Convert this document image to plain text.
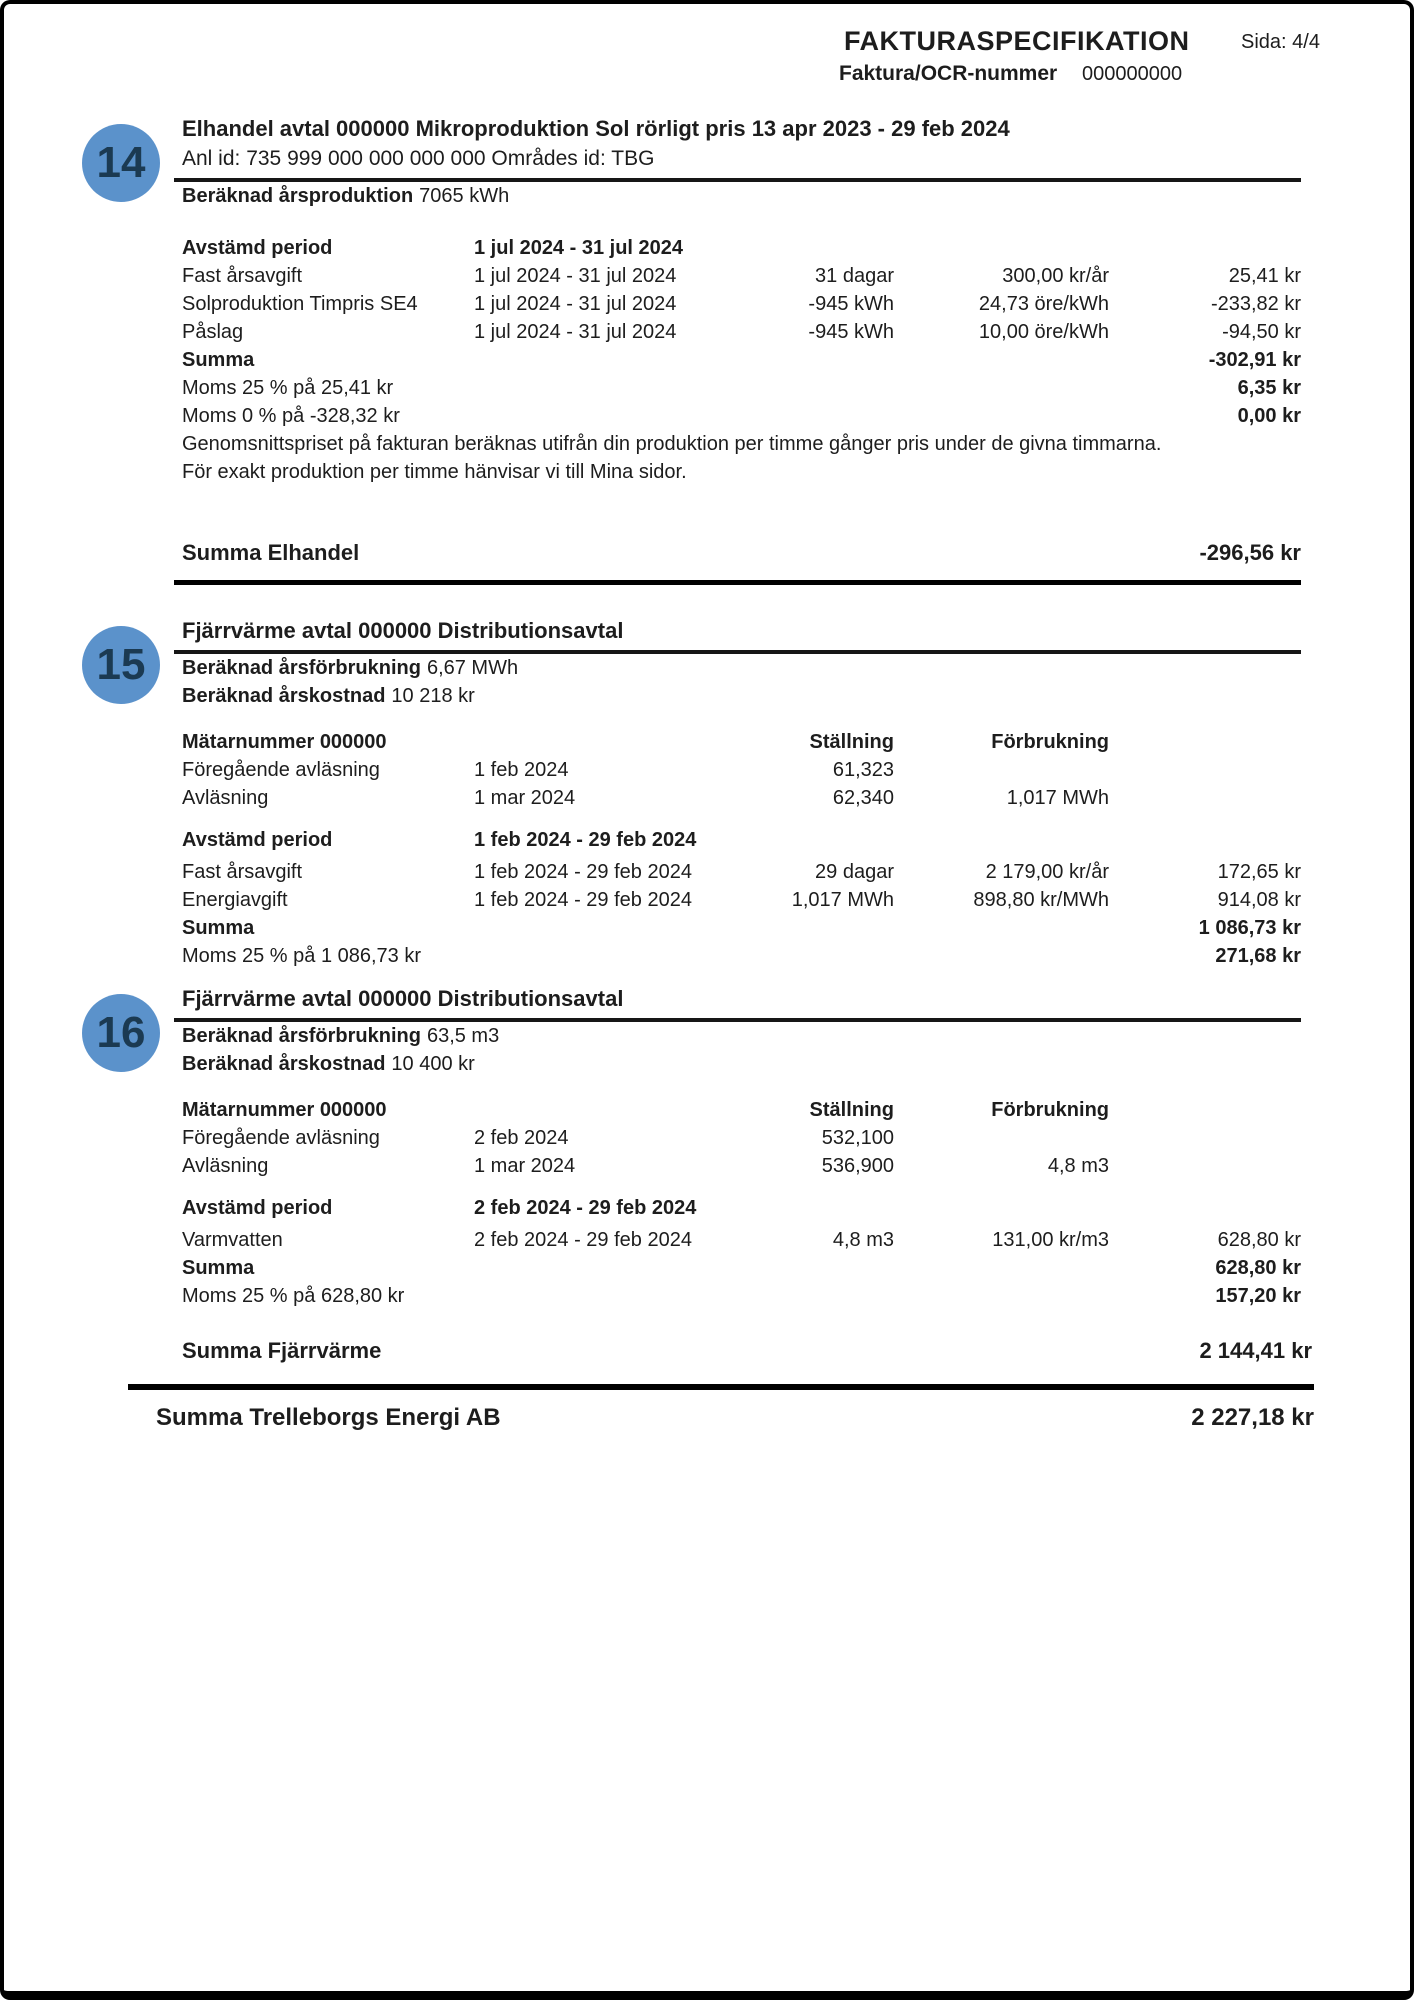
FAKTURASPECIFIKATION	Sida: 4/4
Faktura/OCR-nummer 000000000
14
Elhandel avtal 000000 Mikroproduktion Sol rörligt pris 13 apr 2023 - 29 feb 2024
Anl id: 735 999 000 000 000 000 Områdes id: TBG
Beräknad årsproduktion 7065 kWh
Avstämd period	1 jul 2024 - 31 jul 2024
Fast årsavgift	1 jul 2024 - 31 jul 2024	31 dagar	300,00 kr/år	25,41 kr
Solproduktion Timpris SE4	1 jul 2024 - 31 jul 2024	-945 kWh	24,73 öre/kWh	-233,82 kr
Påslag	1 jul 2024 - 31 jul 2024	-945 kWh	10,00 öre/kWh	-94,50 kr
Summa	-302,91 kr
Moms 25 % på 25,41 kr	6,35 kr
Moms 0 % på -328,32 kr	0,00 kr
Genomsnittspriset på fakturan beräknas utifrån din produktion per timme gånger pris under de givna timmarna.
För exakt produktion per timme hänvisar vi till Mina sidor.
Summa Elhandel	-296,56 kr
15
Fjärrvärme avtal 000000 Distributionsavtal
Beräknad årsförbrukning 6,67 MWh
Beräknad årskostnad 10 218 kr
Mätarnummer 000000	Ställning	Förbrukning
Föregående avläsning	1 feb 2024	61,323
Avläsning	1 mar 2024	62,340	1,017 MWh
Avstämd period	1 feb 2024 - 29 feb 2024
Fast årsavgift	1 feb 2024 - 29 feb 2024	29 dagar	2 179,00 kr/år	172,65 kr
Energiavgift	1 feb 2024 - 29 feb 2024	1,017 MWh	898,80 kr/MWh	914,08 kr
Summa	1 086,73 kr
Moms 25 % på 1 086,73 kr	271,68 kr
16
Fjärrvärme avtal 000000 Distributionsavtal
Beräknad årsförbrukning 63,5 m3
Beräknad årskostnad 10 400 kr
Mätarnummer 000000	Ställning	Förbrukning
Föregående avläsning	2 feb 2024	532,100
Avläsning	1 mar 2024	536,900	4,8 m3
Avstämd period	2 feb 2024 - 29 feb 2024
Varmvatten	2 feb 2024 - 29 feb 2024	4,8 m3	131,00 kr/m3	628,80 kr
Summa	628,80 kr
Moms 25 % på 628,80 kr	157,20 kr
Summa Fjärrvärme	2 144,41 kr
Summa Trelleborgs Energi AB	2 227,18 kr
